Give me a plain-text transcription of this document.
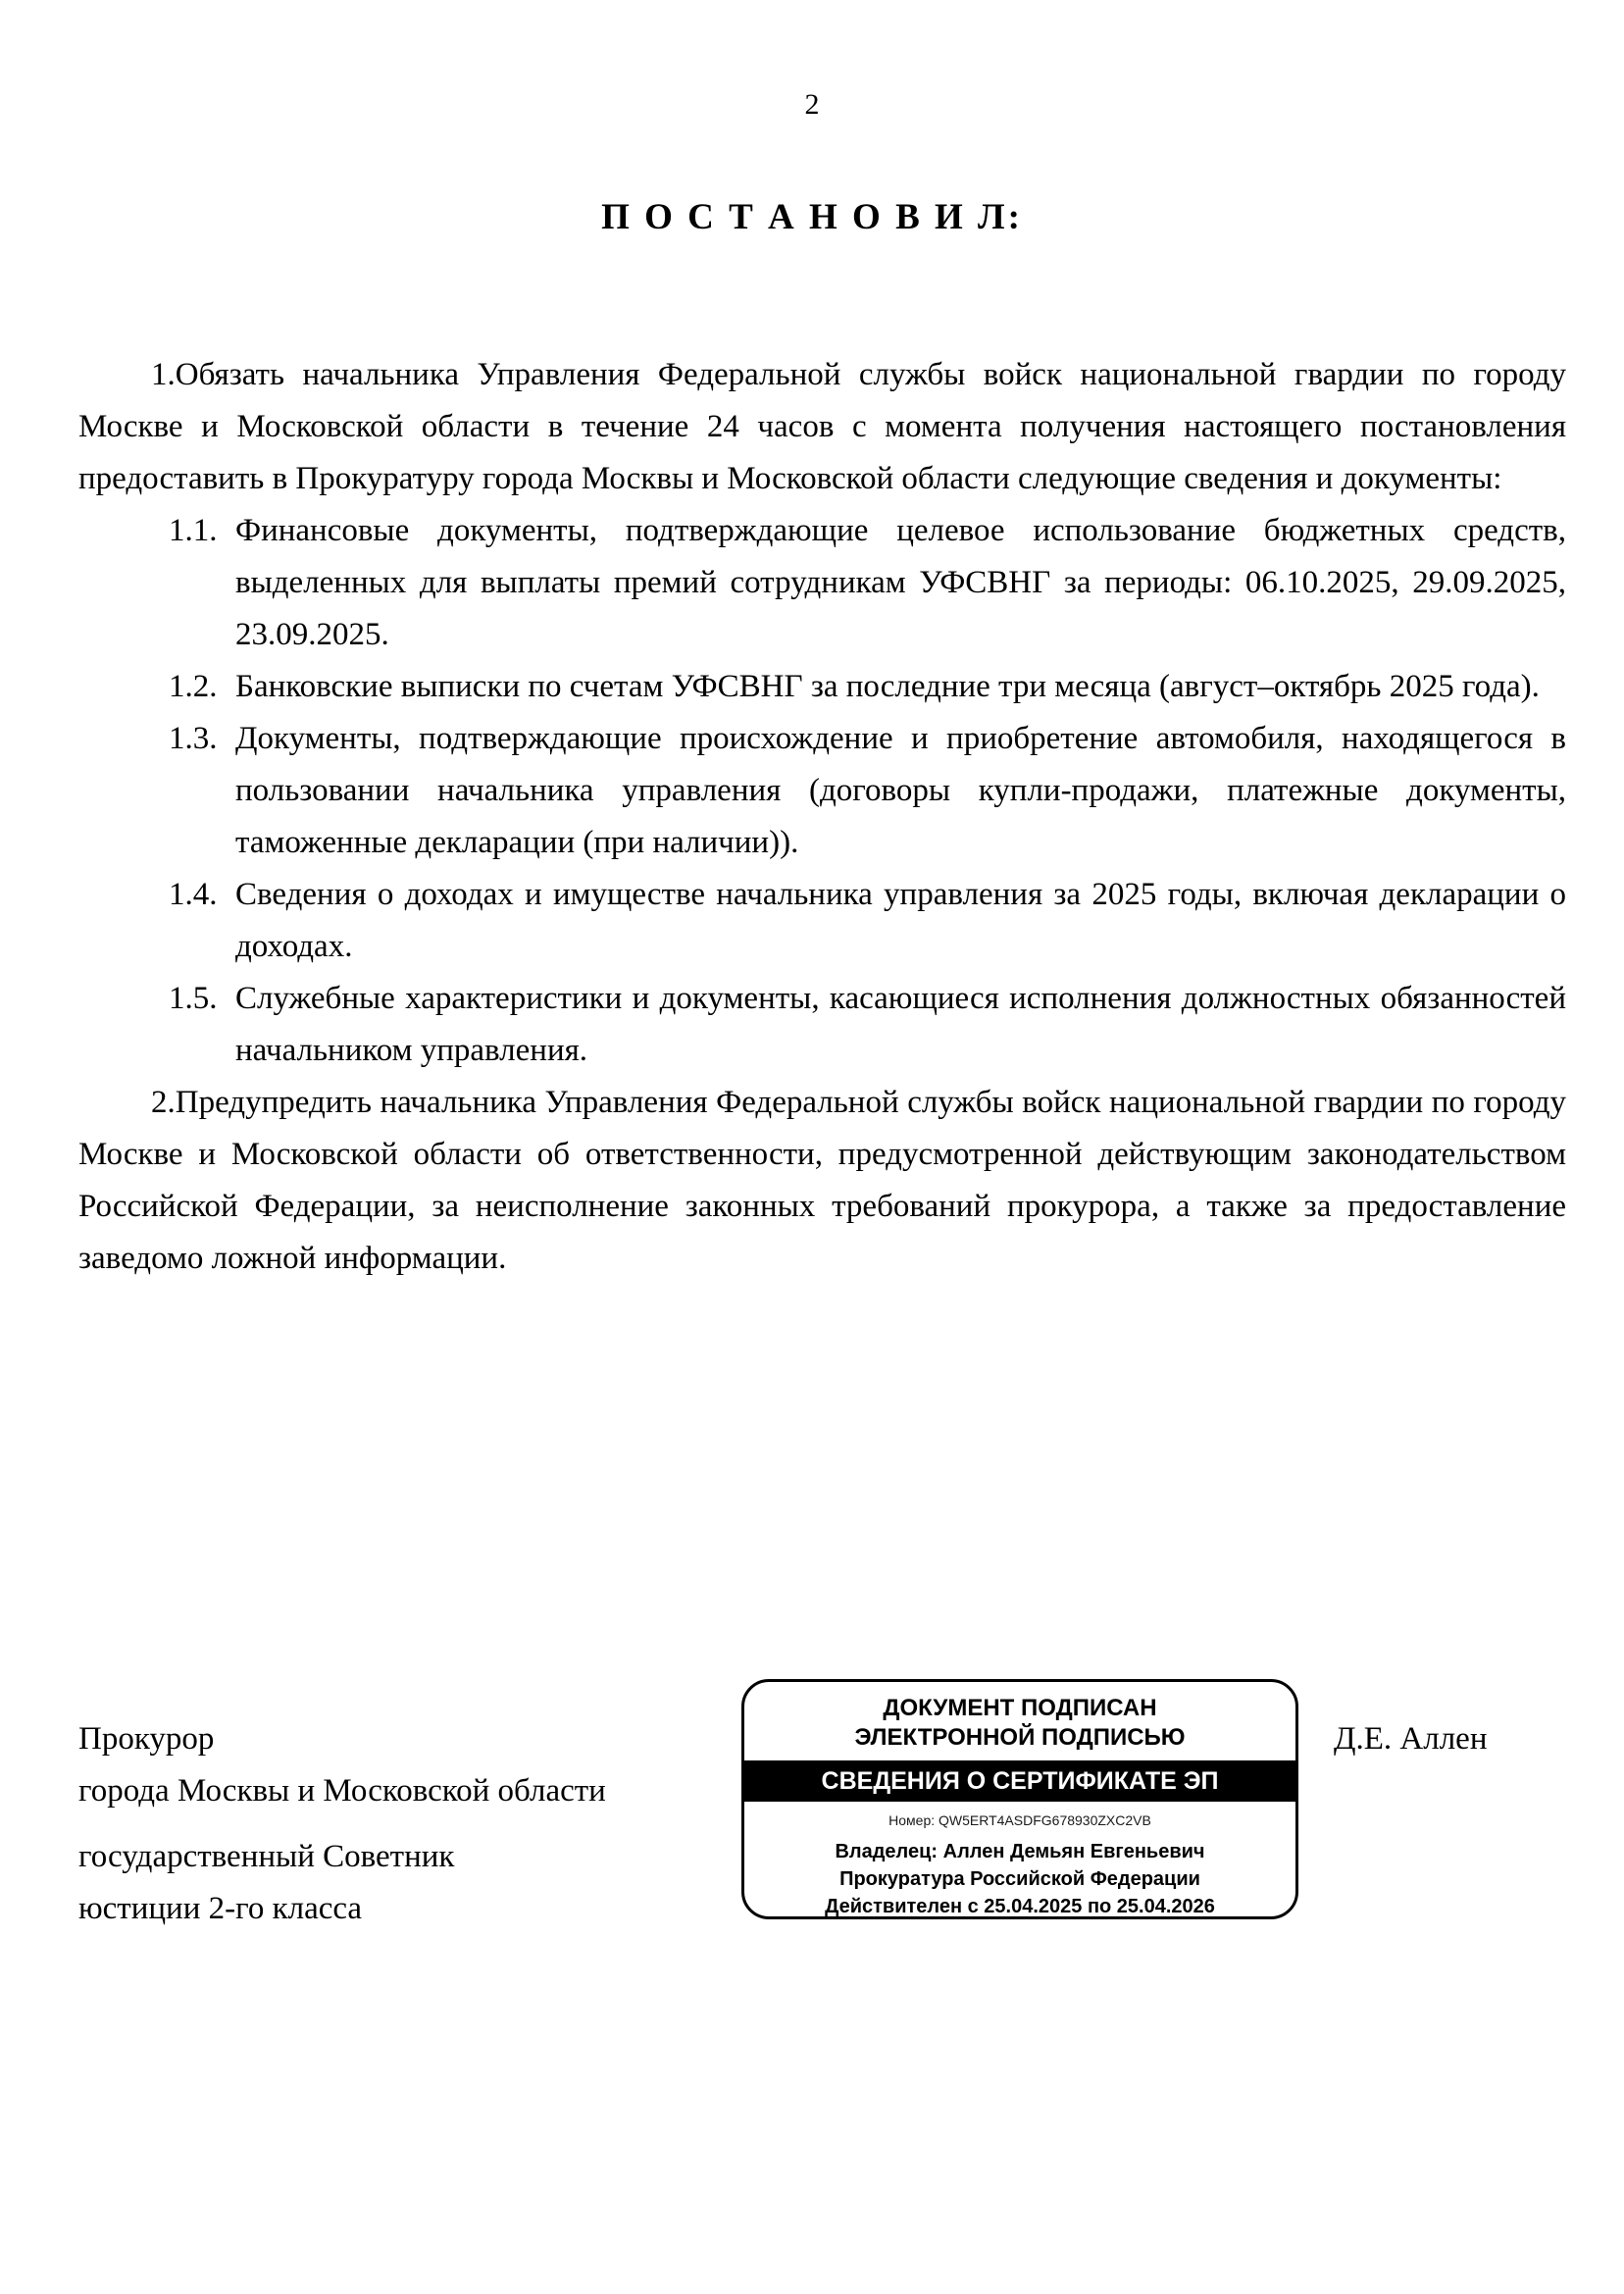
2
П О С Т А Н О В И Л:

1.Обязать начальника Управления Федеральной службы войск национальной гвардии по городу Москве и Московской области в течение 24 часов с момента получения настоящего постановления предоставить в Прокуратуру города Москвы и Московской области следующие сведения и документы:

1.1. Финансовые документы, подтверждающие целевое использование бюджетных средств, выделенных для выплаты премий сотрудникам УФСВНГ за периоды: 06.10.2025, 29.09.2025, 23.09.2025.
1.2. Банковские выписки по счетам УФСВНГ за последние три месяца (август–октябрь 2025 года).
1.3. Документы, подтверждающие происхождение и приобретение автомобиля, находящегося в пользовании начальника управления (договоры купли-продажи, платежные документы, таможенные декларации (при наличии)).
1.4. Сведения о доходах и имуществе начальника управления за 2025 годы, включая декларации о доходах.
1.5. Служебные характеристики и документы, касающиеся исполнения должностных обязанностей начальником управления.

2.Предупредить начальника Управления Федеральной службы войск национальной гвардии по городу Москве и Московской области об ответственности, предусмотренной действующим законодательством Российской Федерации, за неисполнение законных требований прокурора, а также за предоставление заведомо ложной информации.

Прокурор
города Москвы и Московской области
государственный Советник
юстиции 2-го класса
ДОКУМЕНТ ПОДПИСАН
ЭЛЕКТРОННОЙ ПОДПИСЬЮ
СВЕДЕНИЯ О СЕРТИФИКАТЕ ЭП
Номер: QW5ERT4ASDFG678930ZXC2VB
Владелец: Аллен Демьян Евгеньевич
Прокуратура Российской Федерации
Действителен с 25.04.2025 по 25.04.2026
Д.Е. Аллен
